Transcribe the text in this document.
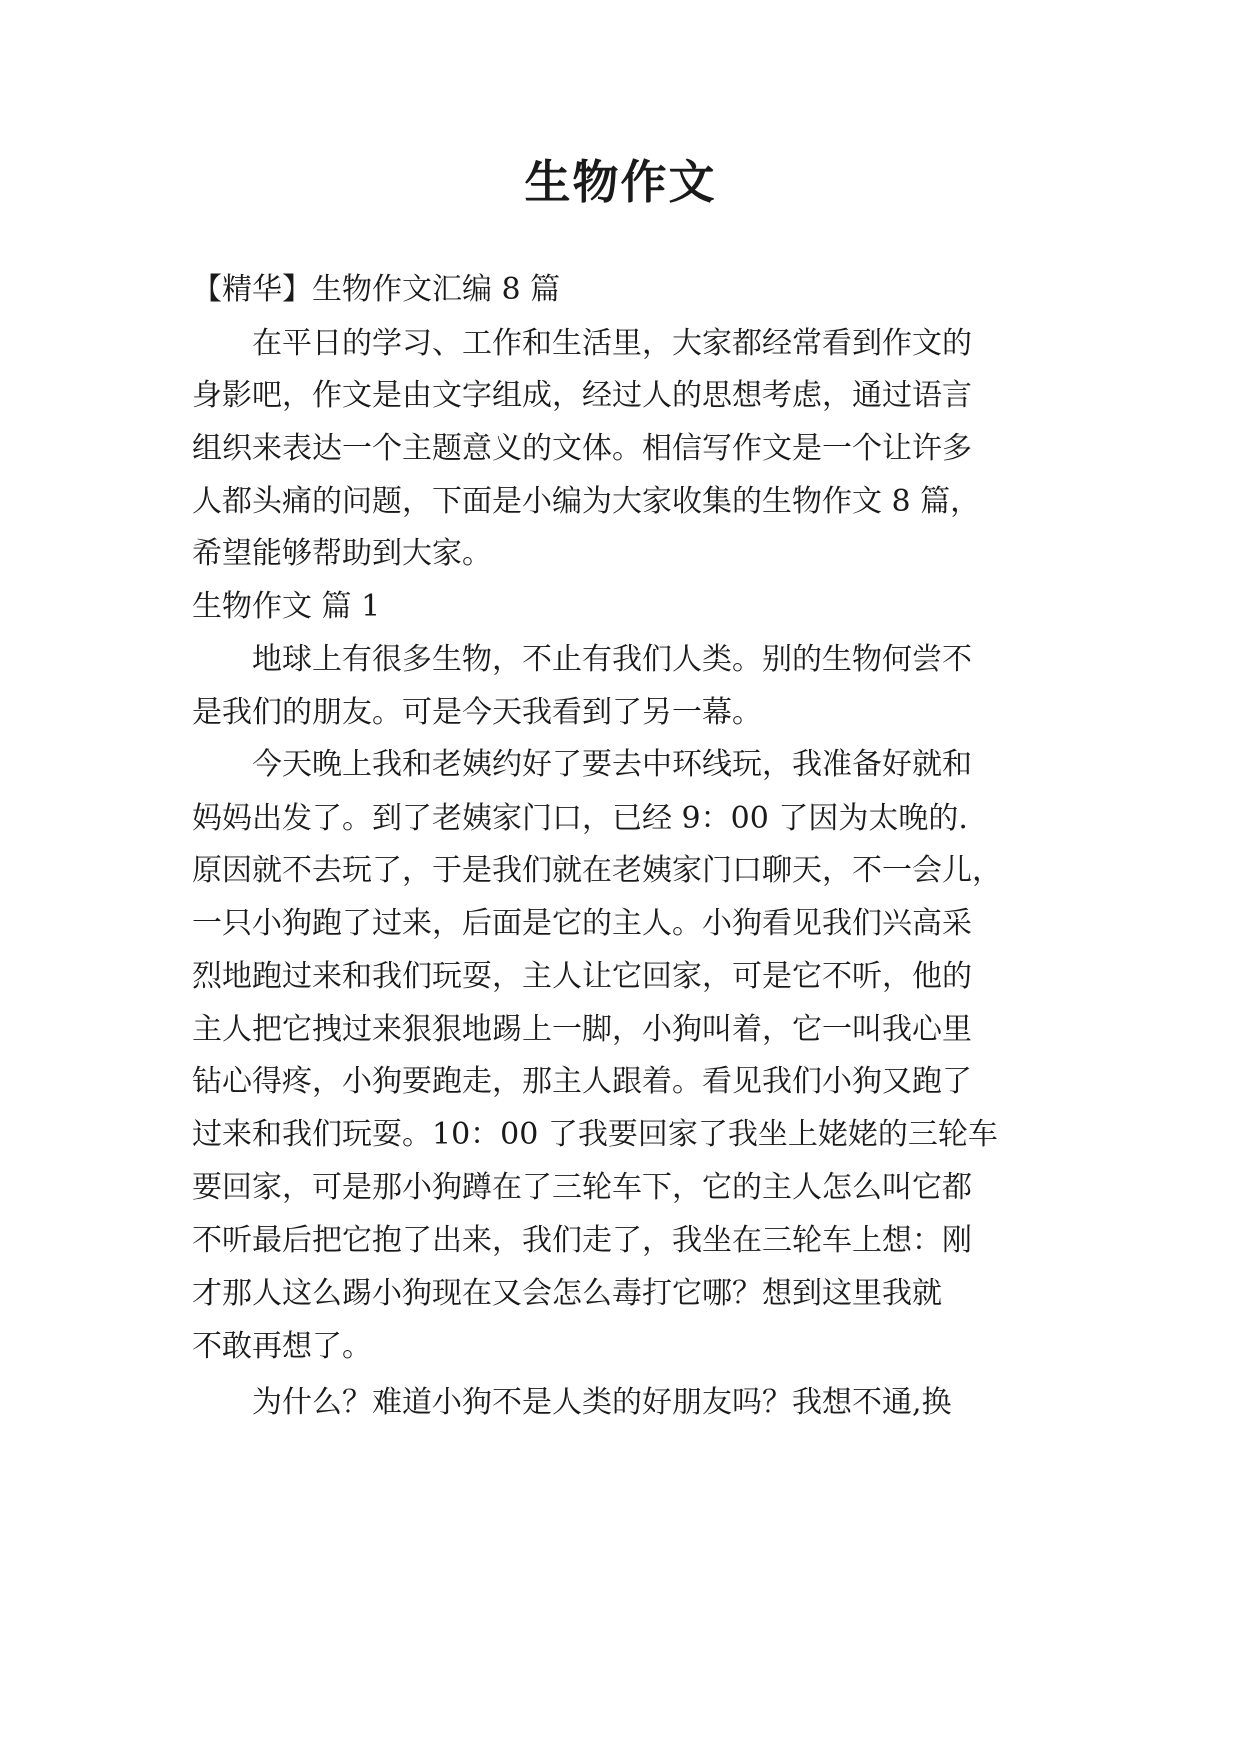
生物作文
【精华】生物作文汇编 8 篇
　　在平日的学习、工作和生活里，大家都经常看到作文的
身影吧，作文是由文字组成，经过人的思想考虑，通过语言
组织来表达一个主题意义的文体。相信写作文是一个让许多
人都头痛的问题，下面是小编为大家收集的生物作文 8 篇，
希望能够帮助到大家。
生物作文 篇 1
　　地球上有很多生物，不止有我们人类。别的生物何尝不
是我们的朋友。可是今天我看到了另一幕。
　　今天晚上我和老姨约好了要去中环线玩，我准备好就和
妈妈出发了。到了老姨家门口，已经 9：00 了因为太晚的.
原因就不去玩了，于是我们就在老姨家门口聊天，不一会儿，
一只小狗跑了过来，后面是它的主人。小狗看见我们兴高采
烈地跑过来和我们玩耍，主人让它回家，可是它不听，他的
主人把它拽过来狠狠地踢上一脚，小狗叫着，它一叫我心里
钻心得疼，小狗要跑走，那主人跟着。看见我们小狗又跑了
过来和我们玩耍。10：00 了我要回家了我坐上姥姥的三轮车
要回家，可是那小狗蹲在了三轮车下，它的主人怎么叫它都
不听最后把它抱了出来，我们走了，我坐在三轮车上想：刚
才那人这么踢小狗现在又会怎么毒打它哪？想到这里我就
不敢再想了。
　　为什么？难道小狗不是人类的好朋友吗？我想不通,换
